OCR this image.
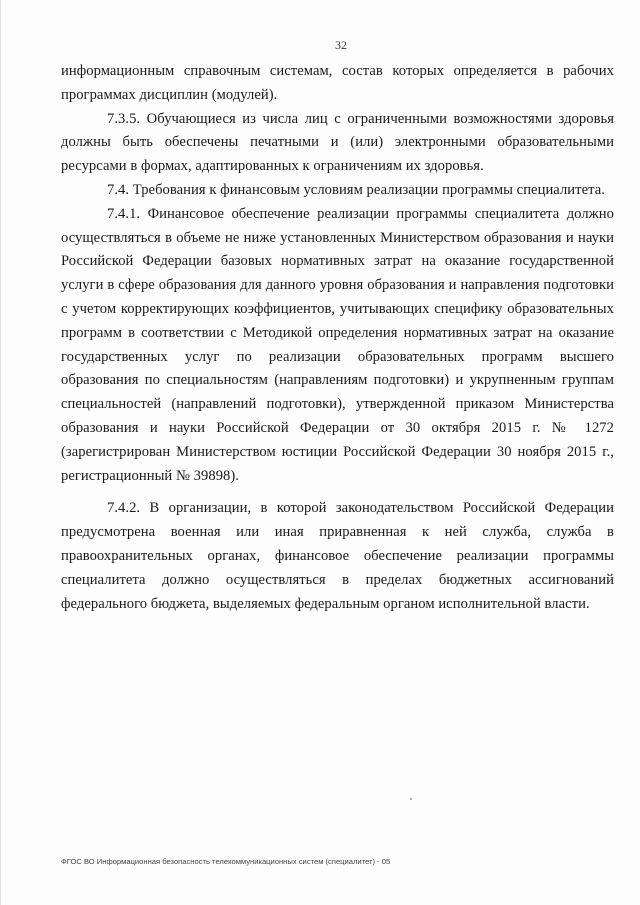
32

информационным справочным системам, состав которых определяется в рабочих программах дисциплин (модулей).

7.3.5. Обучающиеся из числа лиц с ограниченными возможностями здоровья должны быть обеспечены печатными и (или) электронными образовательными ресурсами в формах, адаптированных к ограничениям их здоровья.

7.4. Требования к финансовым условиям реализации программы специалитета.

7.4.1. Финансовое обеспечение реализации программы специалитета должно осуществляться в объеме не ниже установленных Министерством образования и науки Российской Федерации базовых нормативных затрат на оказание государственной услуги в сфере образования для данного уровня образования и направления подготовки с учетом корректирующих коэффициентов, учитывающих специфику образовательных программ в соответствии с Методикой определения нормативных затрат на оказание государственных услуг по реализации образовательных программ высшего образования по специальностям (направлениям подготовки) и укрупненным группам специальностей (направлений подготовки), утвержденной приказом Министерства образования и науки Российской Федерации от 30 октября 2015 г. № 1272 (зарегистрирован Министерством юстиции Российской Федерации 30 ноября 2015 г., регистрационный № 39898).

7.4.2. В организации, в которой законодательством Российской Федерации предусмотрена военная или иная приравненная к ней служба, служба в правоохранительных органах, финансовое обеспечение реализации программы специалитета должно осуществляться в пределах бюджетных ассигнований федерального бюджета, выделяемых федеральным органом исполнительной власти.

ФГОС ВО Информационная безопасность телекоммуникационных систем (специалитет) - 05
